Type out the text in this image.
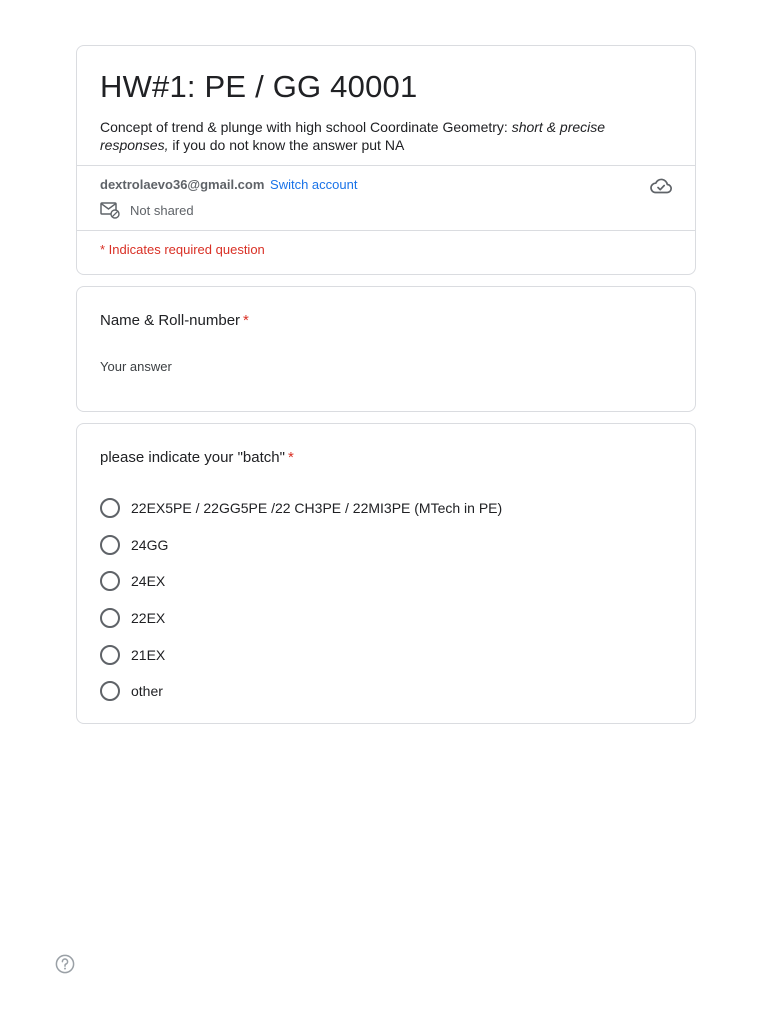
HW#1: PE / GG 40001

Concept of trend & plunge with high school Coordinate Geometry: short & precise responses, if you do not know the answer put NA

dextrolaevo36@gmail.com Switch account
Not shared
* Indicates required question
Name & Roll-number *
Your answer
please indicate your "batch" *
22EX5PE / 22GG5PE /22 CH3PE / 22MI3PE (MTech in PE)
24GG
24EX
22EX
21EX
other
